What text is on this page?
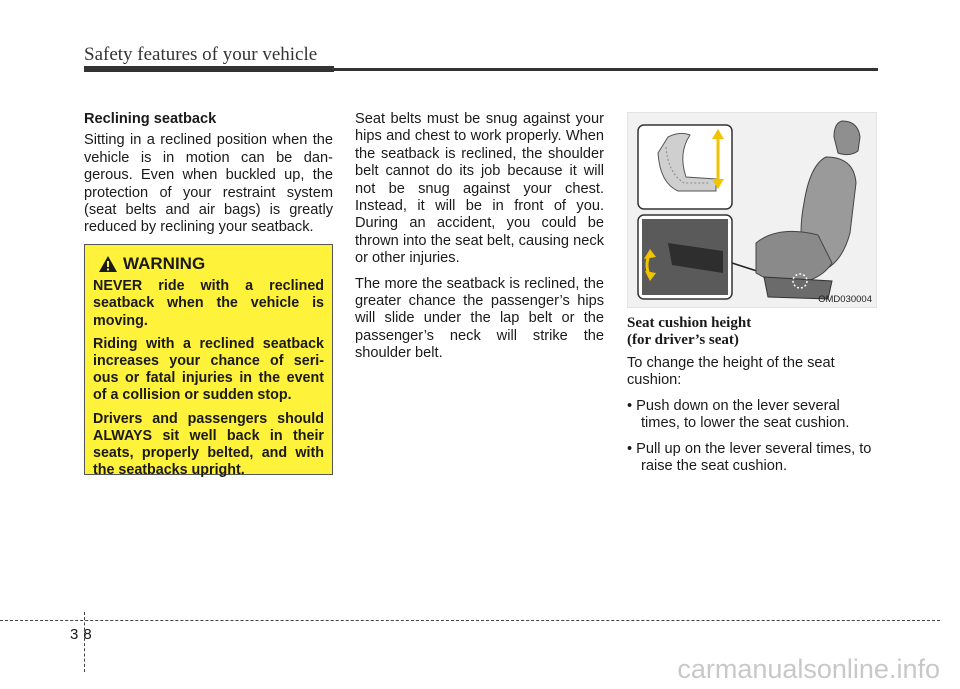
Safety features of your vehicle

Reclining seatback

Sitting in a reclined position when the vehicle is in motion can be dan-gerous. Even when buckled up, the protection of your restraint system (seat belts and air bags) is greatly reduced by reclining your seatback.

WARNING

NEVER ride with a reclined seatback when the vehicle is moving.

Riding with a reclined seatback increases your chance of seri-ous or fatal injuries in the event of a collision or sudden stop.

Drivers and passengers should ALWAYS sit well back in their seats, properly belted, and with the seatbacks upright.

Seat belts must be snug against your hips and chest to work properly. When the seatback is reclined, the shoulder belt cannot do its job because it will not be snug against your chest. Instead, it will be in front of you. During an accident, you could be thrown into the seat belt, causing neck or other injuries.

The more the seatback is reclined, the greater chance the passenger’s hips will slide under the lap belt or the passenger’s neck will strike the shoulder belt.

OMD030004

Seat cushion height
(for driver’s seat)

To change the height of the seat cushion:

• Push down on the lever several times, to lower the seat cushion.

• Pull up on the lever several times, to raise the seat cushion.

38
carmanualsonline.info
